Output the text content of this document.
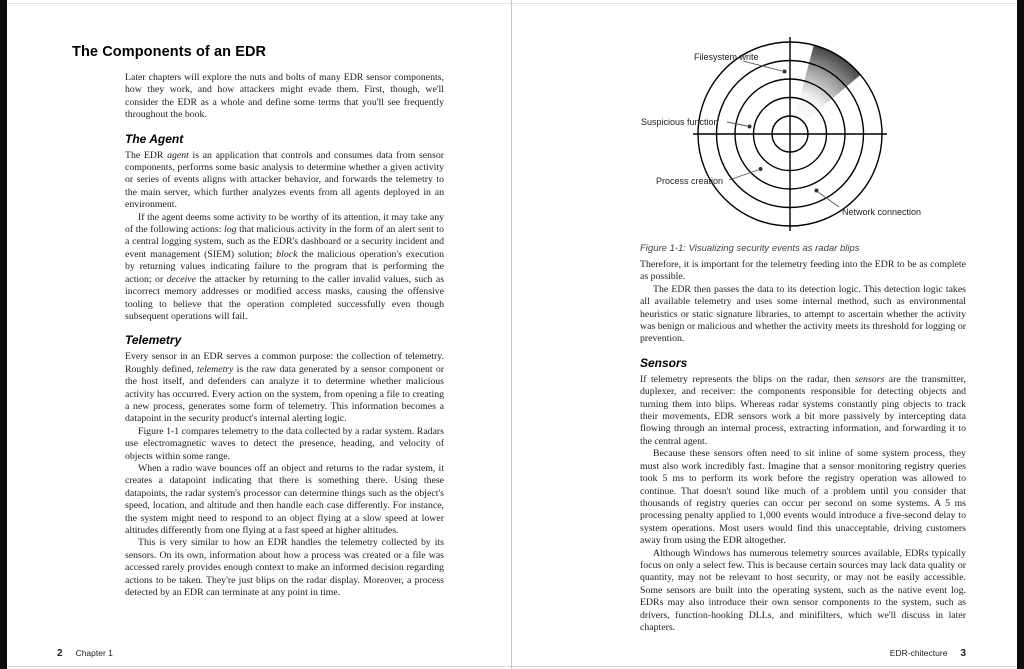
The Components of an EDR

Later chapters will explore the nuts and bolts of many EDR sensor components, how they work, and how attackers might evade them. First, though, we'll consider the EDR as a whole and define some terms that you'll see frequently throughout the book.

The Agent

The EDR agent is an application that controls and consumes data from sensor components, performs some basic analysis to determine whether a given activity or series of events aligns with attacker behavior, and forwards the telemetry to the main server, which further analyzes events from all agents deployed in an environment.

If the agent deems some activity to be worthy of its attention, it may take any of the following actions: log that malicious activity in the form of an alert sent to a central logging system, such as the EDR's dashboard or a security incident and event management (SIEM) solution; block the malicious operation's execution by returning values indicating failure to the program that is performing the action; or deceive the attacker by returning to the caller invalid values, such as incorrect memory addresses or modified access masks, causing the offensive tooling to believe that the operation completed successfully even though subsequent operations will fail.

Telemetry

Every sensor in an EDR serves a common purpose: the collection of telemetry. Roughly defined, telemetry is the raw data generated by a sensor component or the host itself, and defenders can analyze it to determine whether malicious activity has occurred. Every action on the system, from opening a file to creating a new process, generates some form of telemetry. This information becomes a datapoint in the security product's internal alerting logic.

Figure 1-1 compares telemetry to the data collected by a radar system. Radars use electromagnetic waves to detect the presence, heading, and velocity of objects within some range.

When a radio wave bounces off an object and returns to the radar system, it creates a datapoint indicating that there is something there. Using these datapoints, the radar system's processor can determine things such as the object's speed, location, and altitude and then handle each case differently. For instance, the system might need to respond to an object flying at a slow speed at lower altitudes differently from one flying at a fast speed at higher altitudes.

This is very similar to how an EDR handles the telemetry collected by its sensors. On its own, information about how a process was created or a file was accessed rarely provides enough context to make an informed decision regarding actions to be taken. They're just blips on the radar display. Moreover, a process detected by an EDR can terminate at any point in time.

2 Chapter 1
Filesystem write
Suspicious function
Process creation
Network connection
Figure 1-1: Visualizing security events as radar blips

Therefore, it is important for the telemetry feeding into the EDR to be as complete as possible.

The EDR then passes the data to its detection logic. This detection logic takes all available telemetry and uses some internal method, such as environmental heuristics or static signature libraries, to attempt to ascertain whether the activity was benign or malicious and whether the activity meets its threshold for logging or prevention.

Sensors

If telemetry represents the blips on the radar, then sensors are the transmitter, duplexer, and receiver: the components responsible for detecting objects and turning them into blips. Whereas radar systems constantly ping objects to track their movements, EDR sensors work a bit more passively by intercepting data flowing through an internal process, extracting information, and forwarding it to the central agent.

Because these sensors often need to sit inline of some system process, they must also work incredibly fast. Imagine that a sensor monitoring registry queries took 5 ms to perform its work before the registry operation was allowed to continue. That doesn't sound like much of a problem until you consider that thousands of registry queries can occur per second on some systems. A 5 ms processing penalty applied to 1,000 events would introduce a five-second delay to system operations. Most users would find this unacceptable, driving customers away from using the EDR altogether.

Although Windows has numerous telemetry sources available, EDRs typically focus on only a select few. This is because certain sources may lack data quality or quantity, may not be relevant to host security, or may not be easily accessible. Some sensors are built into the operating system, such as the native event log. EDRs may also introduce their own sensor components to the system, such as drivers, function-hooking DLLs, and minifilters, which we'll discuss in later chapters.

EDR-chitecture 3
